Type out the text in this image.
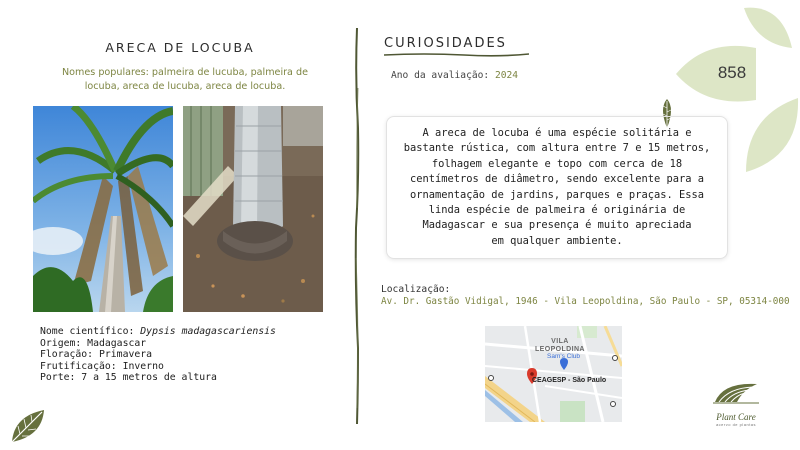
ARECA DE LOCUBA
Nomes populares: palmeira de lucuba, palmeira de
locuba, areca de lucuba, areca de locuba.
Nome científico: Dypsis madagascariensis
Origem: Madagascar
Floração: Primavera
Frutificação: Inverno
Porte: 7 a 15 metros de altura
CURIOSIDADES
Ano da avaliação: 2024
A areca de locuba é uma espécie solitária e
bastante rústica, com altura entre 7 e 15 metros,
folhagem elegante e topo com cerca de 18
centímetros de diâmetro, sendo excelente para a
ornamentação de jardins, parques e praças. Essa
linda espécie de palmeira é originária de
Madagascar e sua presença é muito apreciada
em qualquer ambiente.
Localização:
Av. Dr. Gastão Vidigal, 1946 - Vila Leopoldina, São Paulo - SP, 05314-000
VILA
LEOPOLDINA
Sam's Club
CEAGESP - São Paulo
858
Plant Care
acervo de plantas
